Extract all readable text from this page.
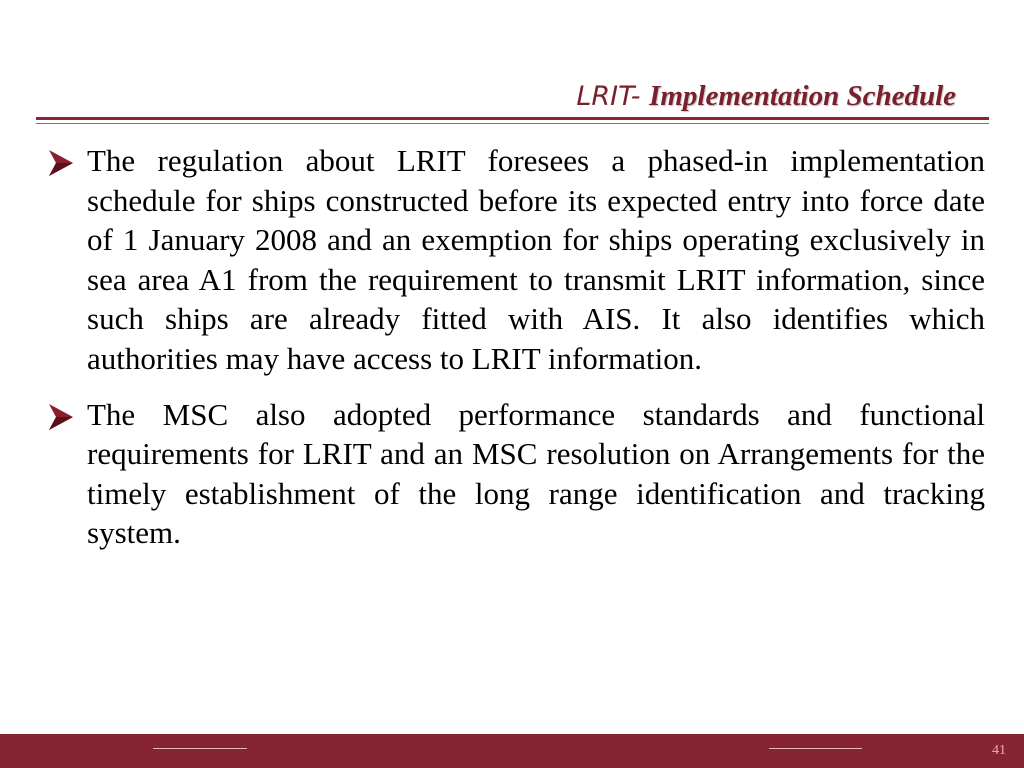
LRIT- Implementation Schedule
The regulation about LRIT foresees a phased-in implementation schedule for ships constructed before its expected entry into force date of 1 January 2008 and an exemption for ships operating exclusively in sea area A1 from the requirement to transmit LRIT information, since such ships are already fitted with AIS. It also identifies which authorities may have access to LRIT information.
The MSC also adopted performance standards and functional requirements for LRIT and an MSC resolution on Arrangements for the timely establishment of the long range identification and tracking system.
41
